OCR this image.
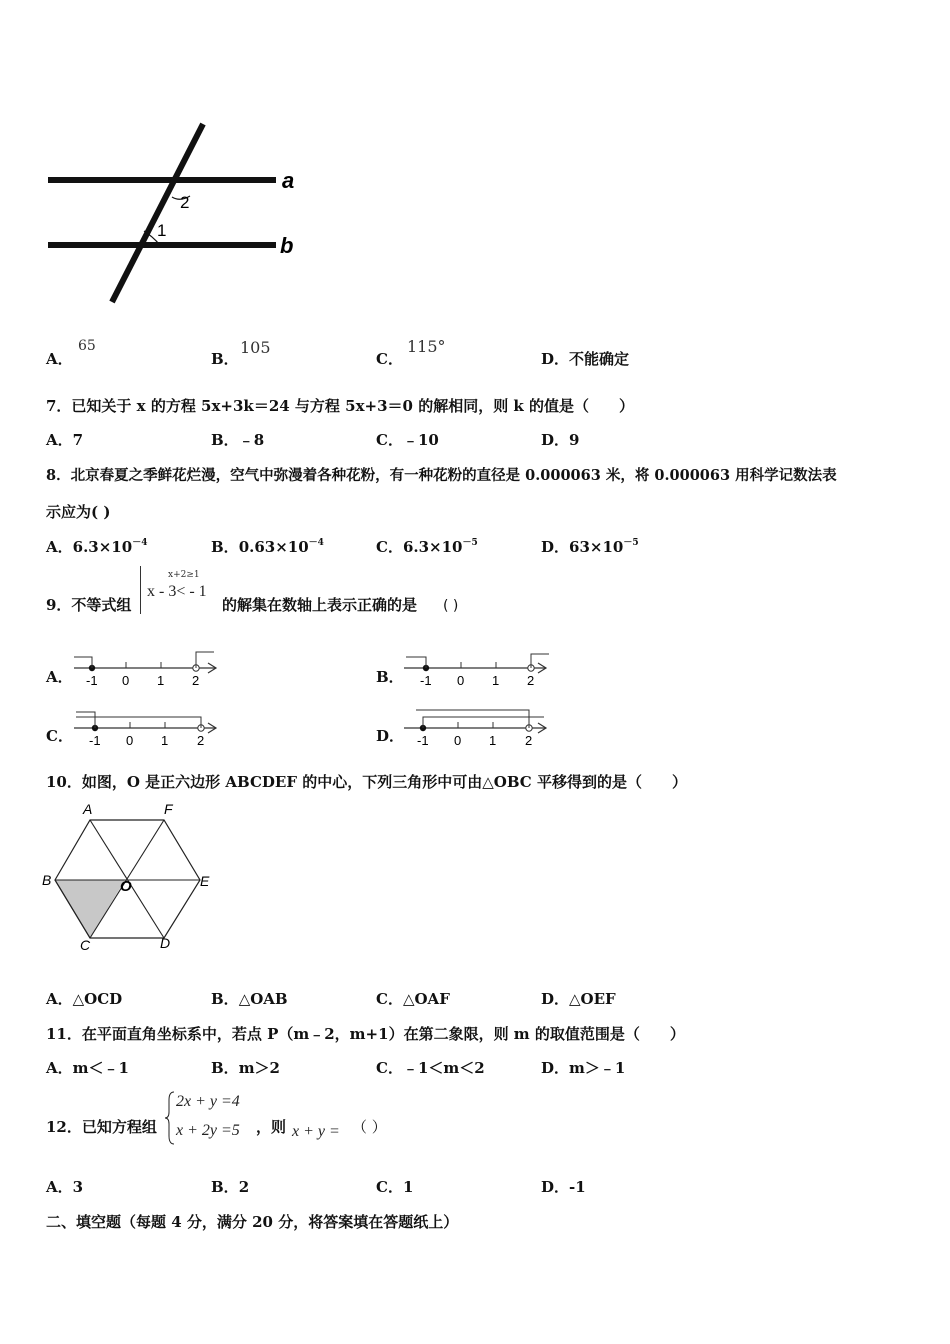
a
b
2
1
A．
65
B．
105
C．
115°
D．不能确定
7．已知关于 x 的方程 5x+3k＝24 与方程 5x+3＝0 的解相同，则 k 的值是（　　）
A．7	B．﹣8	C．﹣10	D．9
8．北京春夏之季鲜花烂漫，空气中弥漫着各种花粉，有一种花粉的直径是 0.000063 米，将 0.000063 用科学记数法表
示应为( )
A．$6.3\times 10^{-4}$	B．$0.63\times 10^{-4}$	C．$6.3\times 10^{-5}$	D．$63\times 10^{-5}$
9．不等式组
x+2≥1
x - 3< - 1
的解集在数轴上表示正确的是 ( )
A． -1 0 1 2	B． -1 0 1 2
C． -1 0 1 2	D． -1 0 1 2
10．如图，O 是正六边形 ABCDEF 的中心，下列三角形中可由△OBC 平移得到的是（　　）
A	F
B	O	E
C	D
A．△OCD	B．△OAB	C．△OAF	D．△OEF
11．在平面直角坐标系中，若点 P（m﹣2，m+1）在第二象限，则 m 的取值范围是（　　）
A．m＜﹣1	B．m＞2	C．﹣1＜m＜2	D．m＞﹣1
12．已知方程组
2x + y =4
x + 2y =5 ，则 x + y = （ ）
A．3	B．2	C．1	D．-1
二、填空题（每题 4 分，满分 20 分，将答案填在答题纸上）
